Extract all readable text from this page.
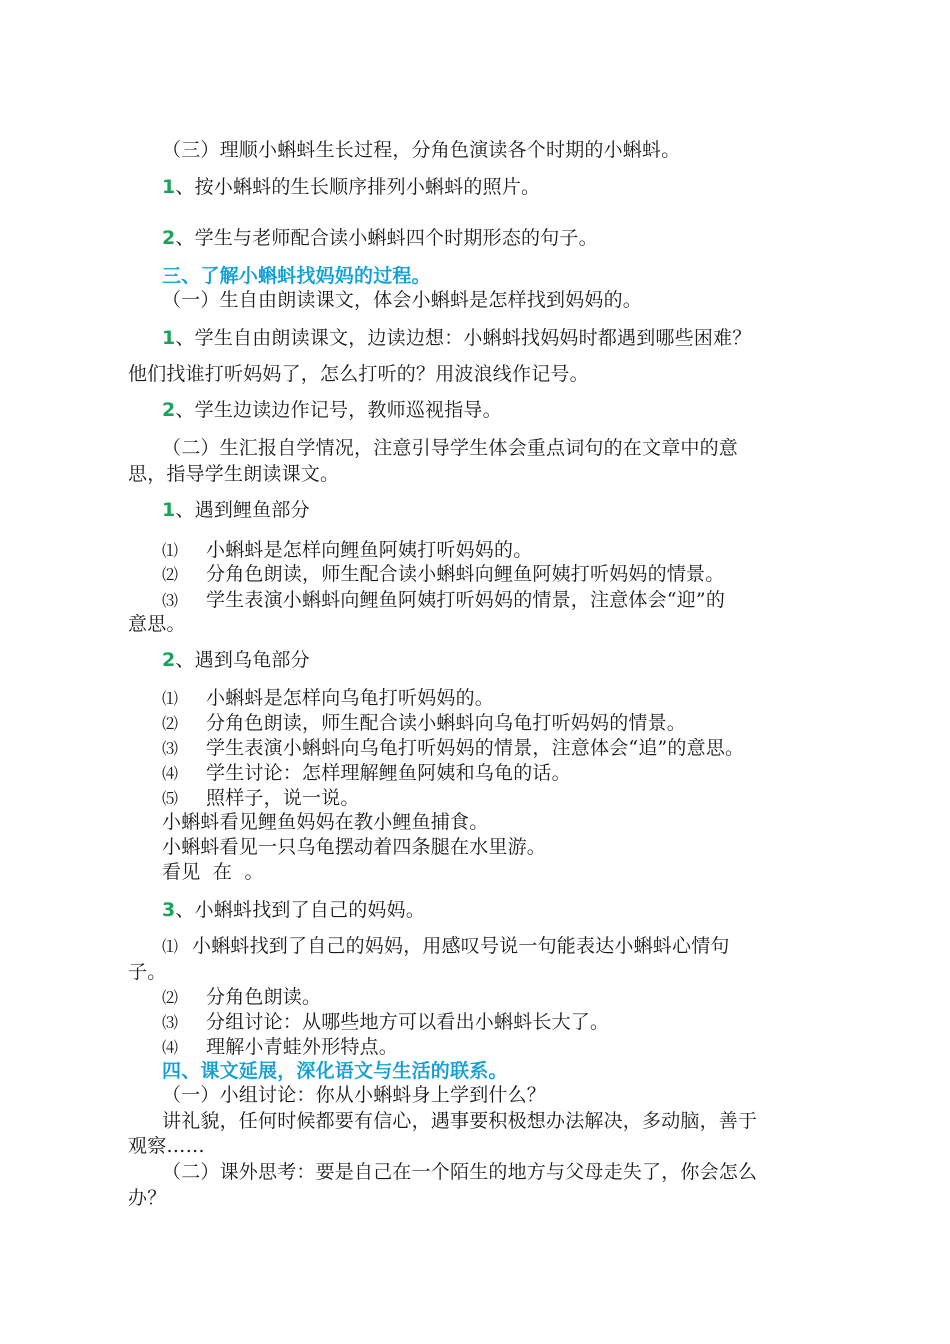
（三）理顺小蝌蚪生长过程，分角色演读各个时期的小蝌蚪。
1、按小蝌蚪的生长顺序排列小蝌蚪的照片。
2、学生与老师配合读小蝌蚪四个时期形态的句子。
三、了解小蝌蚪找妈妈的过程。
（一）生自由朗读课文，体会小蝌蚪是怎样找到妈妈的。
1、学生自由朗读课文，边读边想：小蝌蚪找妈妈时都遇到哪些困难？
他们找谁打听妈妈了，怎么打听的？用波浪线作记号。
2、学生边读边作记号，教师巡视指导。
（二）生汇报自学情况，注意引导学生体会重点词句的在文章中的意
思，指导学生朗读课文。
1、遇到鲤鱼部分
⑴ 小蝌蚪是怎样向鲤鱼阿姨打听妈妈的。
⑵ 分角色朗读，师生配合读小蝌蚪向鲤鱼阿姨打听妈妈的情景。
⑶ 学生表演小蝌蚪向鲤鱼阿姨打听妈妈的情景，注意体会“迎”的
意思。
2、遇到乌龟部分
⑴ 小蝌蚪是怎样向乌龟打听妈妈的。
⑵ 分角色朗读，师生配合读小蝌蚪向乌龟打听妈妈的情景。
⑶ 学生表演小蝌蚪向乌龟打听妈妈的情景，注意体会“追”的意思。
⑷ 学生讨论：怎样理解鲤鱼阿姨和乌龟的话。
⑸ 照样子，说一说。
小蝌蚪看见鲤鱼妈妈在教小鲤鱼捕食。
小蝌蚪看见一只乌龟摆动着四条腿在水里游。
看见  在  。
3、小蝌蚪找到了自己的妈妈。
⑴ 小蝌蚪找到了自己的妈妈，用感叹号说一句能表达小蝌蚪心情句
子。
⑵ 分角色朗读。
⑶ 分组讨论：从哪些地方可以看出小蝌蚪长大了。
⑷ 理解小青蛙外形特点。
四、课文延展，深化语文与生活的联系。
（一）小组讨论：你从小蝌蚪身上学到什么？
讲礼貌，任何时候都要有信心，遇事要积极想办法解决，多动脑，善于
观察……
（二）课外思考：要是自己在一个陌生的地方与父母走失了，你会怎么
办？
